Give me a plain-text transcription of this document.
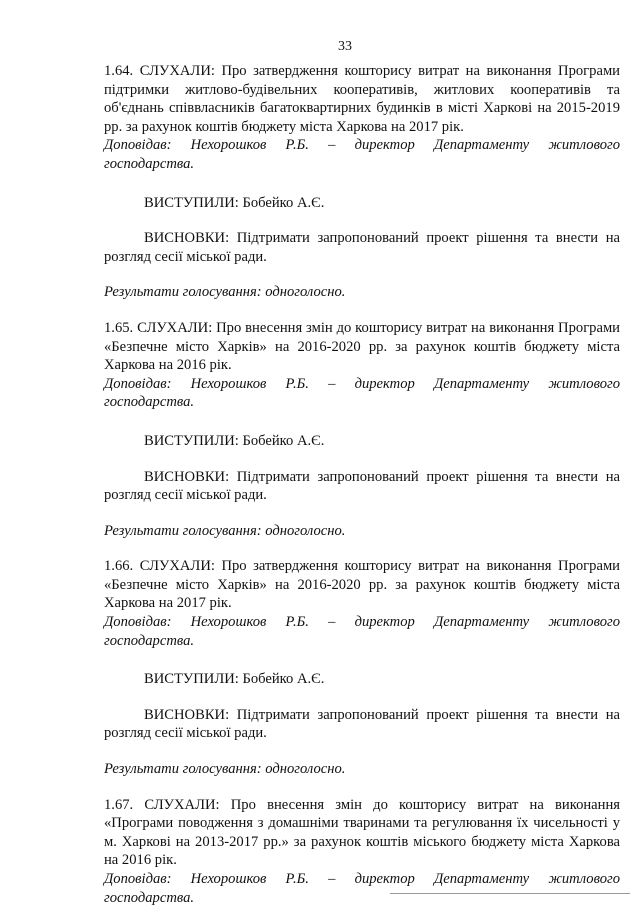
33

1.64. СЛУХАЛИ: Про затвердження кошторису витрат на виконання Програми підтримки житлово-будівельних кооперативів, житлових кооперативів та об'єднань співвласників багатоквартирних будинків в місті Харкові на 2015-2019 рр. за рахунок коштів бюджету міста Харкова на 2017 рік.

Доповідав: Нехорошков Р.Б. – директор Департаменту житлового господарства.

ВИСТУПИЛИ: Бобейко А.Є.

ВИСНОВКИ: Підтримати запропонований проект рішення та внести на розгляд сесії міської ради.

Результати голосування: одноголосно.

1.65. СЛУХАЛИ: Про внесення змін до кошторису витрат на виконання Програми «Безпечне місто Харків» на 2016-2020 рр. за рахунок коштів бюджету міста Харкова на 2016 рік.

Доповідав: Нехорошков Р.Б. – директор Департаменту житлового господарства.

ВИСТУПИЛИ: Бобейко А.Є.

ВИСНОВКИ: Підтримати запропонований проект рішення та внести на розгляд сесії міської ради.

Результати голосування: одноголосно.

1.66. СЛУХАЛИ: Про затвердження кошторису витрат на виконання Програми «Безпечне місто Харків» на 2016-2020 рр. за рахунок коштів бюджету міста Харкова на 2017 рік.

Доповідав: Нехорошков Р.Б. – директор Департаменту житлового господарства.

ВИСТУПИЛИ: Бобейко А.Є.

ВИСНОВКИ: Підтримати запропонований проект рішення та внести на розгляд сесії міської ради.

Результати голосування: одноголосно.

1.67. СЛУХАЛИ: Про внесення змін до кошторису витрат на виконання «Програми поводження з домашніми тваринами та регулювання їх чисельності у м. Харкові на 2013-2017 рр.» за рахунок коштів міського бюджету міста Харкова на 2016 рік.

Доповідав: Нехорошков Р.Б. – директор Департаменту житлового господарства.
